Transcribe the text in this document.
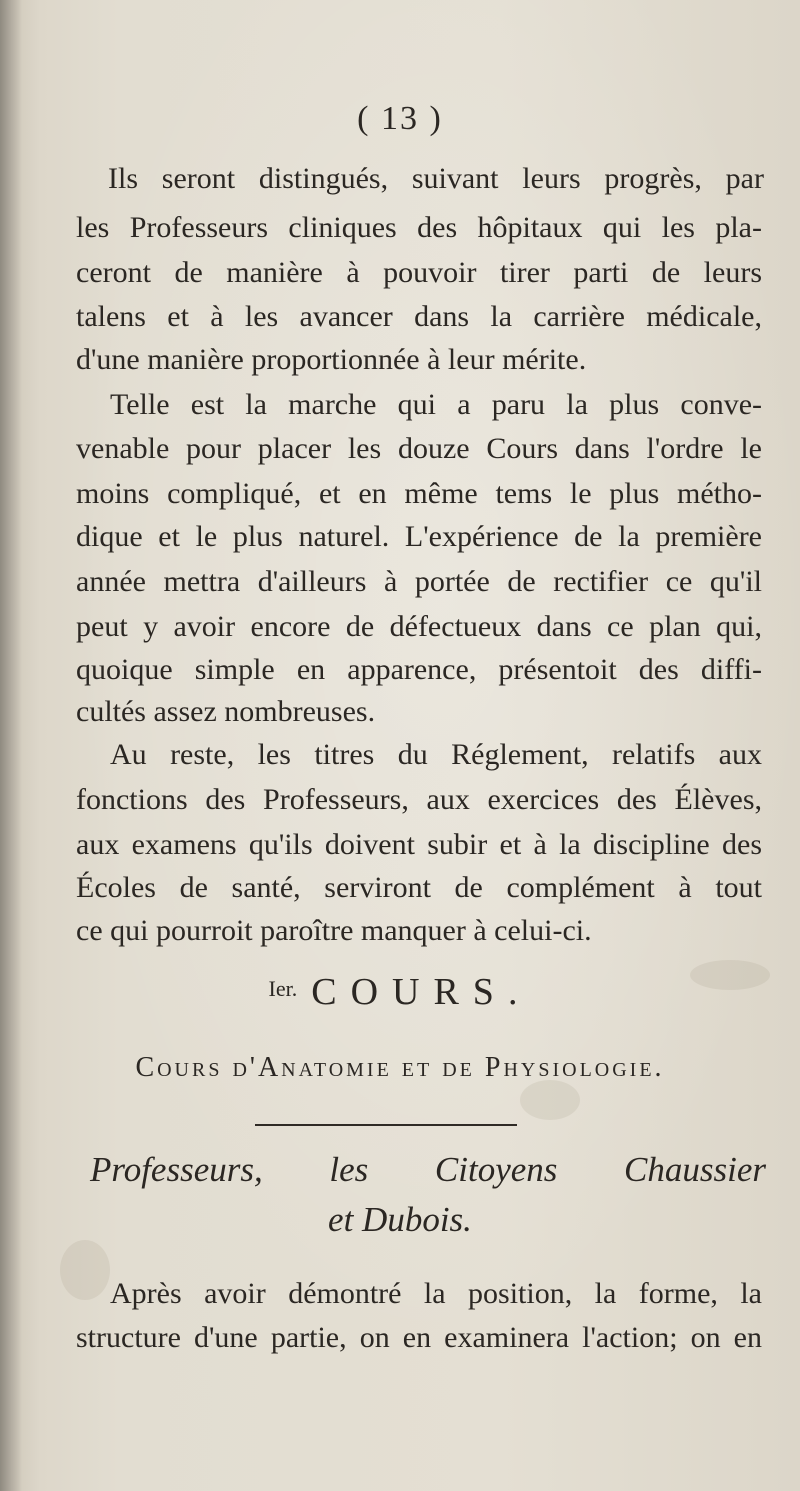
( 13 )
Ils seront distingués, suivant leurs progrès, par
les Professeurs cliniques des hôpitaux qui les pla-
ceront de manière à pouvoir tirer parti de leurs
talens et à les avancer dans la carrière médicale,
d'une manière proportionnée à leur mérite.
Telle est la marche qui a paru la plus conve-
venable pour placer les douze Cours dans l'ordre le
moins compliqué, et en même tems le plus métho-
dique et le plus naturel. L'expérience de la première
année mettra d'ailleurs à portée de rectifier ce qu'il
peut y avoir encore de défectueux dans ce plan qui,
quoique simple en apparence, présentoit des diffi-
cultés assez nombreuses.
Au reste, les titres du Réglement, relatifs aux
fonctions des Professeurs, aux exercices des Élèves,
aux examens qu'ils doivent subir et à la discipline des
Écoles de santé, serviront de complément à tout
ce qui pourroit paroître manquer à celui-ci.
$^{Ier.}$ COURS.
Cours d'Anatomie et de Physiologie.
Professeurs, les Citoyens Chaussier
et Dubois.
Après avoir démontré la position, la forme, la
structure d'une partie, on en examinera l'action; on en
